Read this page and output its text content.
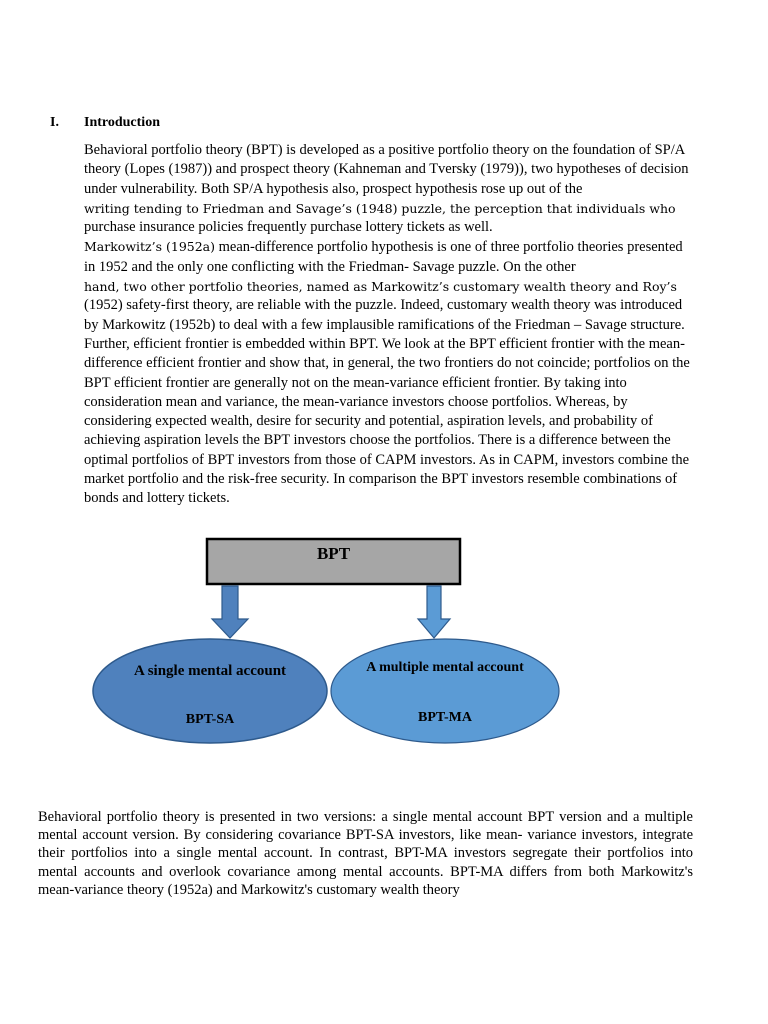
I. Introduction

Behavioral portfolio theory (BPT) is developed as a positive portfolio theory on the foundation of SP/A theory (Lopes (1987)) and prospect theory (Kahneman and Tversky (1979)), two hypotheses of decision under vulnerability. Both SP/A hypothesis also, prospect hypothesis rose up out of the

writing tending to Friedman and Savage’s (1948) puzzle, the perception that individuals who

purchase insurance policies frequently purchase lottery tickets as well.

Markowitz’s (1952a) mean-difference portfolio hypothesis is one of three portfolio theories presented in 1952 and the only one conflicting with the Friedman- Savage puzzle. On the other

hand, two other portfolio theories, named as Markowitz’s customary wealth theory and Roy’s

(1952) safety-first theory, are reliable with the puzzle. Indeed, customary wealth theory was introduced by Markowitz (1952b) to deal with a few implausible ramifications of the Friedman – Savage structure.

Further, efficient frontier is embedded within BPT. We look at the BPT efficient frontier with the mean-difference efficient frontier and show that, in general, the two frontiers do not coincide; portfolios on the BPT efficient frontier are generally not on the mean-variance efficient frontier. By taking into consideration mean and variance, the mean-variance investors choose portfolios. Whereas, by considering expected wealth, desire for security and potential, aspiration levels, and probability of achieving aspiration levels the BPT investors choose the portfolios. There is a difference between the optimal portfolios of BPT investors from those of CAPM investors. As in CAPM, investors combine the market portfolio and the risk-free security. In comparison the BPT investors resemble combinations of bonds and lottery tickets.

BPT
A single mental account
BPT-SA
A multiple mental account
BPT-MA

Behavioral portfolio theory is presented in two versions: a single mental account BPT version and a multiple mental account version. By considering covariance BPT-SA investors, like mean- variance investors, integrate their portfolios into a single mental account. In contrast, BPT-MA investors segregate their portfolios into mental accounts and overlook covariance among mental accounts. BPT-MA differs from both Markowitz's mean-variance theory (1952a) and Markowitz's customary wealth theory
